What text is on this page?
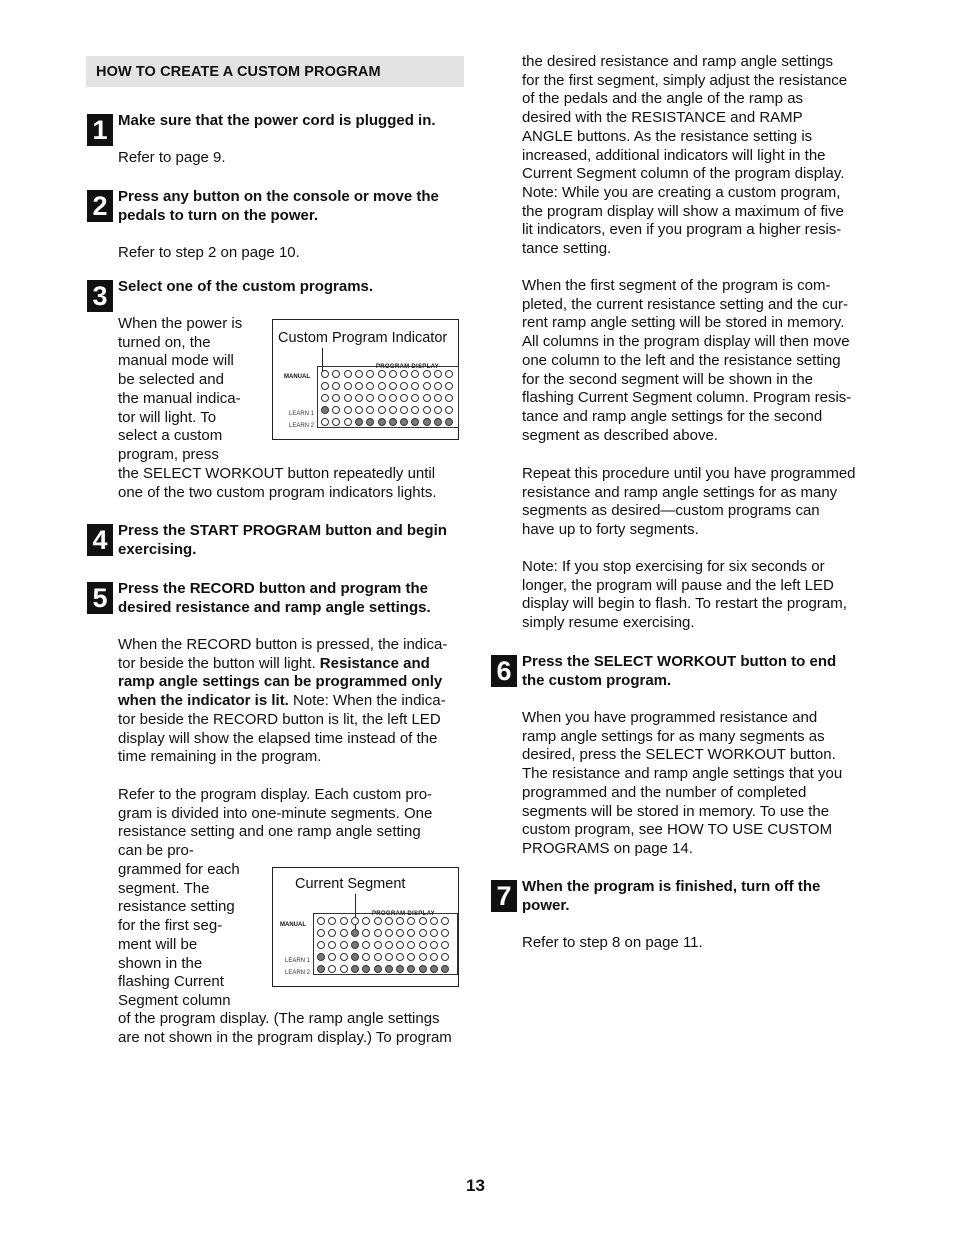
HOW TO CREATE A CUSTOM PROGRAM
1 Make sure that the power cord is plugged in.
Refer to page 9.
2 Press any button on the console or move the
pedals to turn on the power.
Refer to step 2 on page 10.
3 Select one of the custom programs.
When the power is
turned on, the
manual mode will
be selected and
the manual indica-
tor will light. To
select a custom
program, press
the SELECT WORKOUT button repeatedly until
one of the two custom program indicators lights.
Custom Program Indicator
PROGRAM DISPLAY
MANUAL
LEARN 1
LEARN 2
4 Press the START PROGRAM button and begin
exercising.
5 Press the RECORD button and program the
desired resistance and ramp angle settings.
When the RECORD button is pressed, the indica-
tor beside the button will light. Resistance and
ramp angle settings can be programmed only
when the indicator is lit. Note: When the indica-
tor beside the RECORD button is lit, the left LED
display will show the elapsed time instead of the
time remaining in the program.
Refer to the program display. Each custom pro-
gram is divided into one-minute segments. One
resistance setting and one ramp angle setting
can be pro-
grammed for each
segment. The
resistance setting
for the first seg-
ment will be
shown in the
flashing Current
Segment column
of the program display. (The ramp angle settings
are not shown in the program display.) To program
Current Segment
PROGRAM DISPLAY
MANUAL
LEARN 1
LEARN 2
the desired resistance and ramp angle settings
for the first segment, simply adjust the resistance
of the pedals and the angle of the ramp as
desired with the RESISTANCE and RAMP
ANGLE buttons. As the resistance setting is
increased, additional indicators will light in the
Current Segment column of the program display.
Note: While you are creating a custom program,
the program display will show a maximum of five
lit indicators, even if you program a higher resis-
tance setting.
When the first segment of the program is com-
pleted, the current resistance setting and the cur-
rent ramp angle setting will be stored in memory.
All columns in the program display will then move
one column to the left and the resistance setting
for the second segment will be shown in the
flashing Current Segment column. Program resis-
tance and ramp angle settings for the second
segment as described above.
Repeat this procedure until you have programmed
resistance and ramp angle settings for as many
segments as desired—custom programs can
have up to forty segments.
Note: If you stop exercising for six seconds or
longer, the program will pause and the left LED
display will begin to flash. To restart the program,
simply resume exercising.
6 Press the SELECT WORKOUT button to end
the custom program.
When you have programmed resistance and
ramp angle settings for as many segments as
desired, press the SELECT WORKOUT button.
The resistance and ramp angle settings that you
programmed and the number of completed
segments will be stored in memory. To use the
custom program, see HOW TO USE CUSTOM
PROGRAMS on page 14.
7 When the program is finished, turn off the
power.
Refer to step 8 on page 11.
13
